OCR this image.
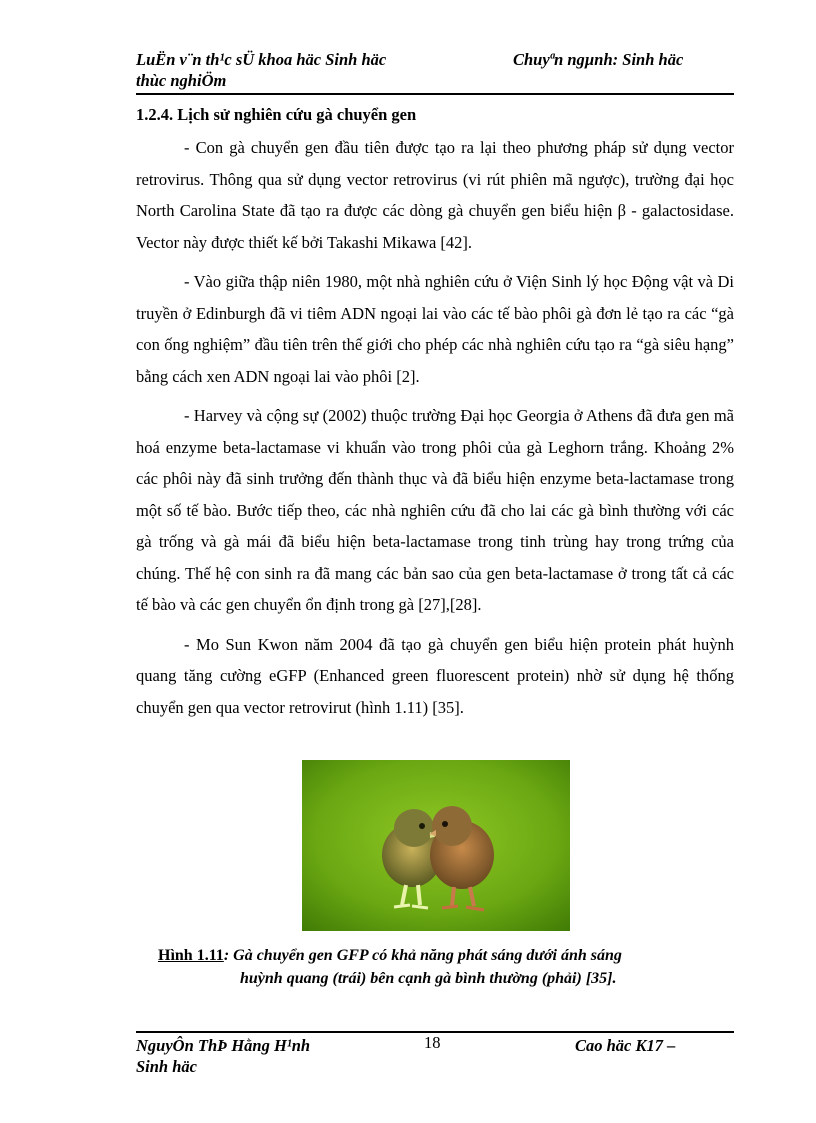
LuËn v¨n th¹c sÜ khoa häc Sinh häc
thùc nghiÖm
Chuyªn ngµnh: Sinh häc
1.2.4. Lịch sử nghiên cứu gà chuyển gen

- Con gà chuyển gen đầu tiên được tạo ra lại theo phương pháp sử dụng vector retrovirus. Thông qua sử dụng vector retrovirus (vi rút phiên mã ngược), trường đại học North Carolina State đã tạo ra được các dòng gà chuyển gen biểu hiện β - galactosidase. Vector này được thiết kế bởi Takashi Mikawa [42].

- Vào giữa thập niên 1980, một nhà nghiên cứu ở Viện Sinh lý học Động vật và Di truyền ở Edinburgh đã vi tiêm ADN ngoại lai vào các tế bào phôi gà đơn lẻ tạo ra các “gà con ống nghiệm” đầu tiên trên thế giới cho phép các nhà nghiên cứu tạo ra “gà siêu hạng” bằng cách xen ADN ngoại lai vào phôi [2].

- Harvey và cộng sự (2002) thuộc trường Đại học Georgia ở Athens đã đưa gen mã hoá enzyme beta-lactamase vi khuẩn vào trong phôi của gà Leghorn trắng. Khoảng 2% các phôi này đã sinh trưởng đến thành thục và đã biểu hiện enzyme beta-lactamase trong một số tế bào. Bước tiếp theo, các nhà nghiên cứu đã cho lai các gà bình thường với các gà trống và gà mái đã biểu hiện beta-lactamase trong tinh trùng hay trong trứng của chúng. Thế hệ con sinh ra đã mang các bản sao của gen beta-lactamase ở trong tất cả các tế bào và các gen chuyển ổn định trong gà [27],[28].

- Mo Sun Kwon năm 2004 đã tạo gà chuyển gen biểu hiện protein phát huỳnh quang tăng cường eGFP (Enhanced green fluorescent protein) nhờ sử dụng hệ thống chuyển gen qua vector retrovirut (hình 1.11) [35].

Hình 1.11: Gà chuyển gen GFP có khả năng phát sáng dưới ánh sáng
huỳnh quang (trái) bên cạnh gà bình thường (phải) [35].
NguyÔn ThÞ Hằng H¹nh
Sinh häc
18	Cao häc K17 –
